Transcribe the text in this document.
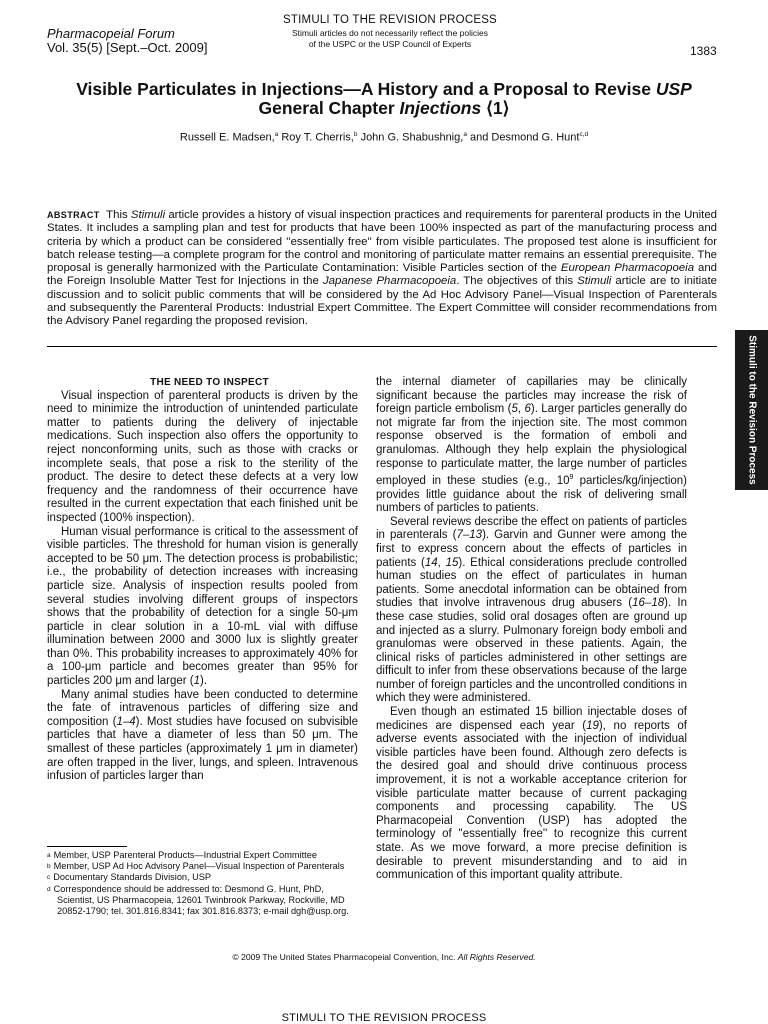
Pharmacopeial Forum
Vol. 35(5) [Sept.–Oct. 2009]
STIMULI TO THE REVISION PROCESS
Stimuli articles do not necessarily reflect the policies
of the USPC or the USP Council of Experts	1383
Visible Particulates in Injections—A History and a Proposal to Revise USP
General Chapter Injections ⟨1⟩
Russell E. Madsen,$^a$ Roy T. Cherris,$^b$ John G. Shabushnig,$^a$ and Desmond G. Hunt$^{c,d}$
ABSTRACT This Stimuli article provides a history of visual inspection practices and requirements for parenteral products in the United States. It includes a sampling plan and test for products that have been 100% inspected as part of the manufacturing process and criteria by which a product can be considered ''essentially free'' from visible particulates. The proposed test alone is insufficient for batch release testing—a complete program for the control and monitoring of particulate matter remains an essential prerequisite. The proposal is generally harmonized with the Particulate Contamination: Visible Particles section of the European Pharmacopoeia and the Foreign Insoluble Matter Test for Injections in the Japanese Pharmacopoeia. The objectives of this Stimuli article are to initiate discussion and to solicit public comments that will be considered by the Ad Hoc Advisory Panel—Visual Inspection of Parenterals and subsequently the Parenteral Products: Industrial Expert Committee. The Expert Committee will consider recommendations from the Advisory Panel regarding the proposed revision.

THE NEED TO INSPECT

Visual inspection of parenteral products is driven by the need to minimize the introduction of unintended particulate matter to patients during the delivery of injectable medications. Such inspection also offers the opportunity to reject nonconforming units, such as those with cracks or incomplete seals, that pose a risk to the sterility of the product. The desire to detect these defects at a very low frequency and the randomness of their occurrence have resulted in the current expectation that each finished unit be inspected (100% inspection).

Human visual performance is critical to the assessment of visible particles. The threshold for human vision is generally accepted to be 50 μm. The detection process is probabilistic; i.e., the probability of detection increases with increasing particle size. Analysis of inspection results pooled from several studies involving different groups of inspectors shows that the probability of detection for a single 50-μm particle in clear solution in a 10-mL vial with diffuse illumination between 2000 and 3000 lux is slightly greater than 0%. This probability increases to approximately 40% for a 100-μm particle and becomes greater than 95% for particles 200 μm and larger (1).

Many animal studies have been conducted to determine the fate of intravenous particles of differing size and composition (1–4). Most studies have focused on subvisible particles that have a diameter of less than 50 μm. The smallest of these particles (approximately 1 μm in diameter) are often trapped in the liver, lungs, and spleen. Intravenous infusion of particles larger than

the internal diameter of capillaries may be clinically significant because the particles may increase the risk of foreign particle embolism (5, 6). Larger particles generally do not migrate far from the injection site. The most common response observed is the formation of emboli and granulomas. Although they help explain the physiological response to particulate matter, the large number of particles employed in these studies (e.g., $10^9$ particles/kg/injection) provides little guidance about the risk of delivering small numbers of particles to patients.

Several reviews describe the effect on patients of particles in parenterals (7–13). Garvin and Gunner were among the first to express concern about the effects of particles in patients (14, 15). Ethical considerations preclude controlled human studies on the effect of particulates in human patients. Some anecdotal information can be obtained from studies that involve intravenous drug abusers (16–18). In these case studies, solid oral dosages often are ground up and injected as a slurry. Pulmonary foreign body emboli and granulomas were observed in these patients. Again, the clinical risks of particles administered in other settings are difficult to infer from these observations because of the large number of foreign particles and the uncontrolled conditions in which they were administered.

Even though an estimated 15 billion injectable doses of medicines are dispensed each year (19), no reports of adverse events associated with the injection of individual visible particles have been found. Although zero defects is the desired goal and should drive continuous process improvement, it is not a workable acceptance criterion for visible particulate matter because of current packaging components and processing capability. The US Pharmacopeial Convention (USP) has adopted the terminology of ''essentially free'' to recognize this current state. As we move forward, a more precise definition is desirable to prevent misunderstanding and to aid in communication of this important quality attribute.

$^a$ Member, USP Parenteral Products—Industrial Expert Committee

$^b$ Member, USP Ad Hoc Advisory Panel—Visual Inspection of Parenterals

$^c$ Documentary Standards Division, USP

$^d$ Correspondence should be addressed to: Desmond G. Hunt, PhD, Scientist, US Pharmacopeia, 12601 Twinbrook Parkway, Rockville, MD 20852-1790; tel. 301.816.8341; fax 301.816.8373; e-mail dgh@usp.org.

© 2009 The United States Pharmacopeial Convention, Inc. All Rights Reserved.
STIMULI TO THE REVISION PROCESS
Stimuli to the Revision Process
